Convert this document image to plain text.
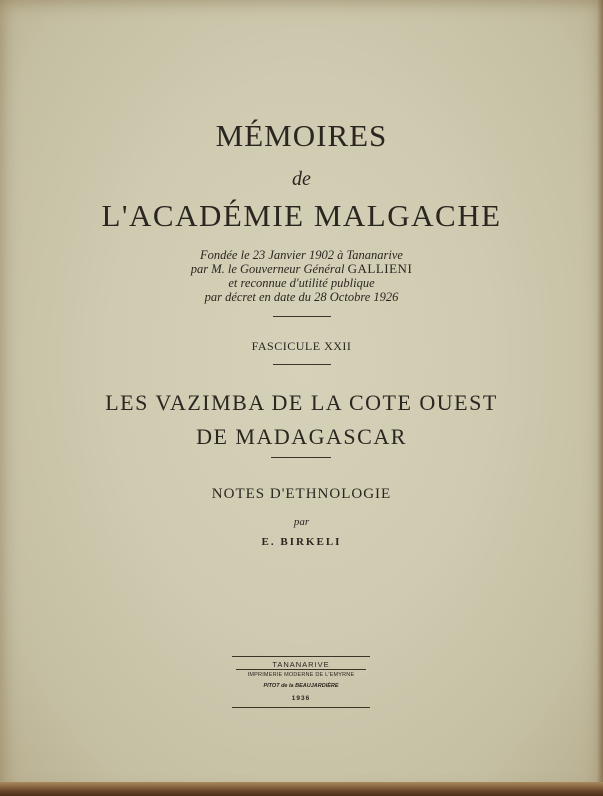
MÉMOIRES
de
L'ACADÉMIE MALGACHE
Fondée le 23 Janvier 1902 à Tananarive
par M. le Gouverneur Général GALLIENI
et reconnue d'utilité publique
par décret en date du 28 Octobre 1926
FASCICULE XXII
LES VAZIMBA DE LA COTE OUEST
DE MADAGASCAR
NOTES D'ETHNOLOGIE
par
E. BIRKELI
TANANARIVE
IMPRIMERIE MODERNE DE L'EMYRNE
PITOT de la BEAUJARDIÈRE
1936
